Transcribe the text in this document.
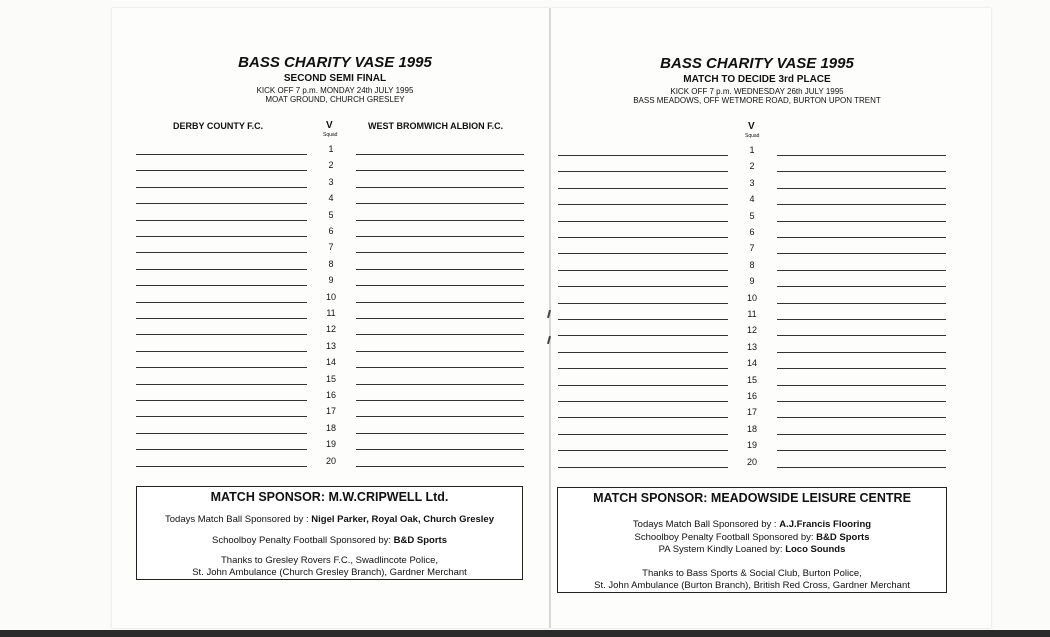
BASS CHARITY VASE 1995
SECOND SEMI FINAL
KICK OFF 7 p.m. MONDAY 24th JULY 1995
MOAT GROUND, CHURCH GRESLEY
DERBY COUNTY F.C.	V
Squad
WEST BROMWICH ALBION F.C.
1
2
3
4
5
6
7
8
9
10
11
12
13
14
15
16
17
18
19
20
MATCH SPONSOR: M.W.CRIPWELL Ltd.
Todays Match Ball Sponsored by : Nigel Parker, Royal Oak, Church Gresley
Schoolboy Penalty Football Sponsored by: B&D Sports
Thanks to Gresley Rovers F.C., Swadlincote Police,
St. John Ambulance (Church Gresley Branch), Gardner Merchant
BASS CHARITY VASE 1995
MATCH TO DECIDE 3rd PLACE
KICK OFF 7 p.m. WEDNESDAY 26th JULY 1995
BASS MEADOWS, OFF WETMORE ROAD, BURTON UPON TRENT
V
Squad
1
2
3
4
5
6
7
8
9
10
11
12
13
14
15
16
17
18
19
20
MATCH SPONSOR: MEADOWSIDE LEISURE CENTRE
Todays Match Ball Sponsored by : A.J.Francis Flooring
Schoolboy Penalty Football Sponsored by: B&D Sports
PA System Kindly Loaned by: Loco Sounds
Thanks to Bass Sports & Social Club, Burton Police,
St. John Ambulance (Burton Branch), British Red Cross, Gardner Merchant
